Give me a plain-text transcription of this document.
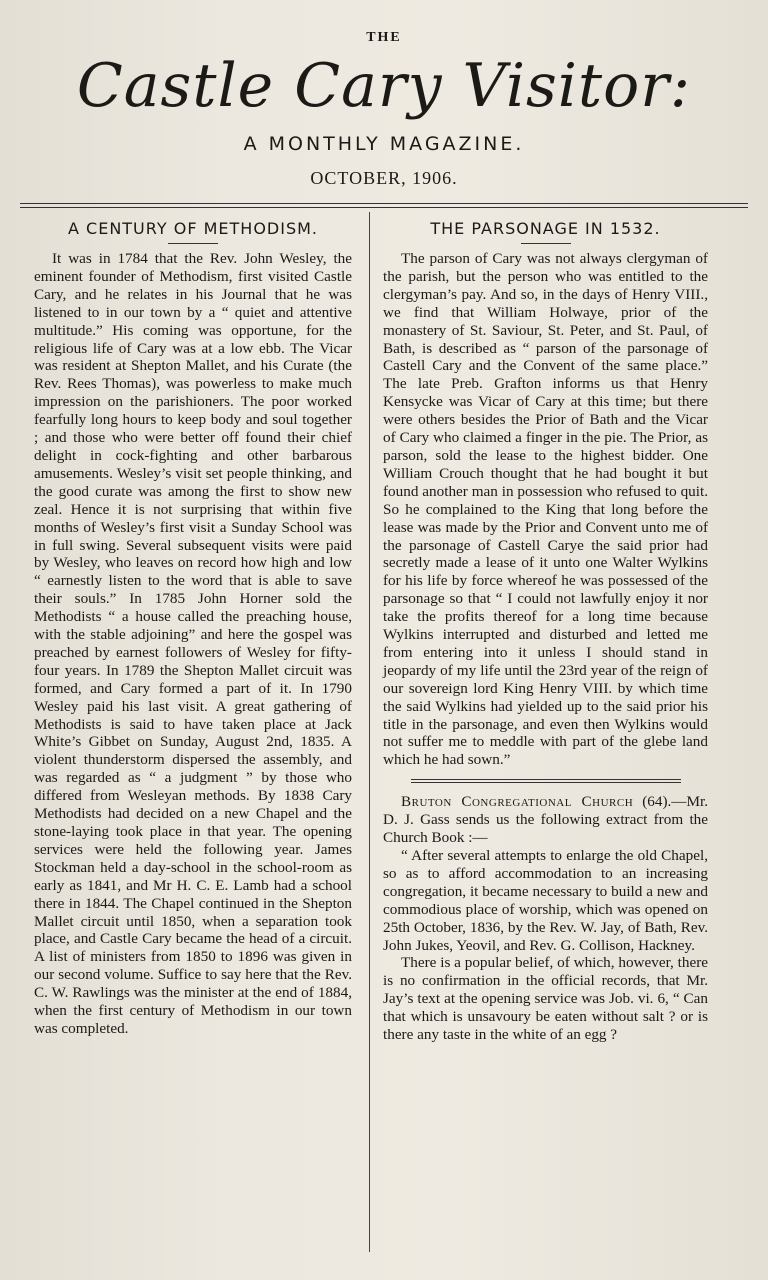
THE
Castle Cary Visitor:
A MONTHLY MAGAZINE.
OCTOBER, 1906.
A CENTURY OF METHODISM.

It was in 1784 that the Rev. John Wesley, the eminent founder of Methodism, first visited Castle Cary, and he relates in his Journal that he was listened to in our town by a “ quiet and attentive multitude.” His coming was opportune, for the religious life of Cary was at a low ebb. The Vicar was resident at Shepton Mallet, and his Curate (the Rev. Rees Thomas), was powerless to make much impression on the parishioners. The poor worked fearfully long hours to keep body and soul together ; and those who were better off found their chief delight in cock-fighting and other barbarous amusements. Wesley’s visit set people thinking, and the good curate was among the first to show new zeal. Hence it is not surprising that within five months of Wesley’s first visit a Sunday School was in full swing. Several subsequent visits were paid by Wesley, who leaves on record how high and low “ earnestly listen to the word that is able to save their souls.” In 1785 John Horner sold the Methodists “ a house called the preaching house, with the stable adjoining” and here the gospel was preached by earnest followers of Wesley for fifty-four years. In 1789 the Shepton Mallet circuit was formed, and Cary formed a part of it. In 1790 Wesley paid his last visit. A great gathering of Methodists is said to have taken place at Jack White’s Gibbet on Sunday, August 2nd, 1835. A violent thunderstorm dispersed the assembly, and was regarded as “ a judgment ” by those who differed from Wesleyan methods. By 1838 Cary Methodists had decided on a new Chapel and the stone-laying took place in that year. The opening services were held the following year. James Stockman held a day-school in the school-room as early as 1841, and Mr H. C. E. Lamb had a school there in 1844. The Chapel continued in the Shepton Mallet circuit until 1850, when a separation took place, and Castle Cary became the head of a circuit. A list of ministers from 1850 to 1896 was given in our second volume. Suffice to say here that the Rev. C. W. Rawlings was the minister at the end of 1884, when the first century of Methodism in our town was completed.

THE PARSONAGE IN 1532.

The parson of Cary was not always clergyman of the parish, but the person who was entitled to the clergyman’s pay. And so, in the days of Henry VIII., we find that William Holwaye, prior of the monastery of St. Saviour, St. Peter, and St. Paul, of Bath, is described as “ parson of the parsonage of Castell Cary and the Convent of the same place.” The late Preb. Grafton informs us that Henry Kensycke was Vicar of Cary at this time; but there were others besides the Prior of Bath and the Vicar of Cary who claimed a finger in the pie. The Prior, as parson, sold the lease to the highest bidder. One William Crouch thought that he had bought it but found another man in possession who refused to quit. So he complained to the King that long before the lease was made by the Prior and Convent unto me of the parsonage of Castell Carye the said prior had secretly made a lease of it unto one Walter Wylkins for his life by force whereof he was possessed of the parsonage so that “ I could not lawfully enjoy it nor take the profits thereof for a long time because Wylkins interrupted and disturbed and letted me from entering into it unless I should stand in jeopardy of my life until the 23rd year of the reign of our sovereign lord King Henry VIII. by which time the said Wylkins had yielded up to the said prior his title in the parsonage, and even then Wylkins would not suffer me to meddle with part of the glebe land which he had sown.”

Bruton Congregational Church (64).—Mr. D. J. Gass sends us the following extract from the Church Book :—

“ After several attempts to enlarge the old Chapel, so as to afford accommodation to an increasing congregation, it became necessary to build a new and commodious place of worship, which was opened on 25th October, 1836, by the Rev. W. Jay, of Bath, Rev. John Jukes, Yeovil, and Rev. G. Collison, Hackney.

There is a popular belief, of which, however, there is no confirmation in the official records, that Mr. Jay’s text at the opening service was Job. vi. 6, “ Can that which is unsavoury be eaten without salt ? or is there any taste in the white of an egg ?
